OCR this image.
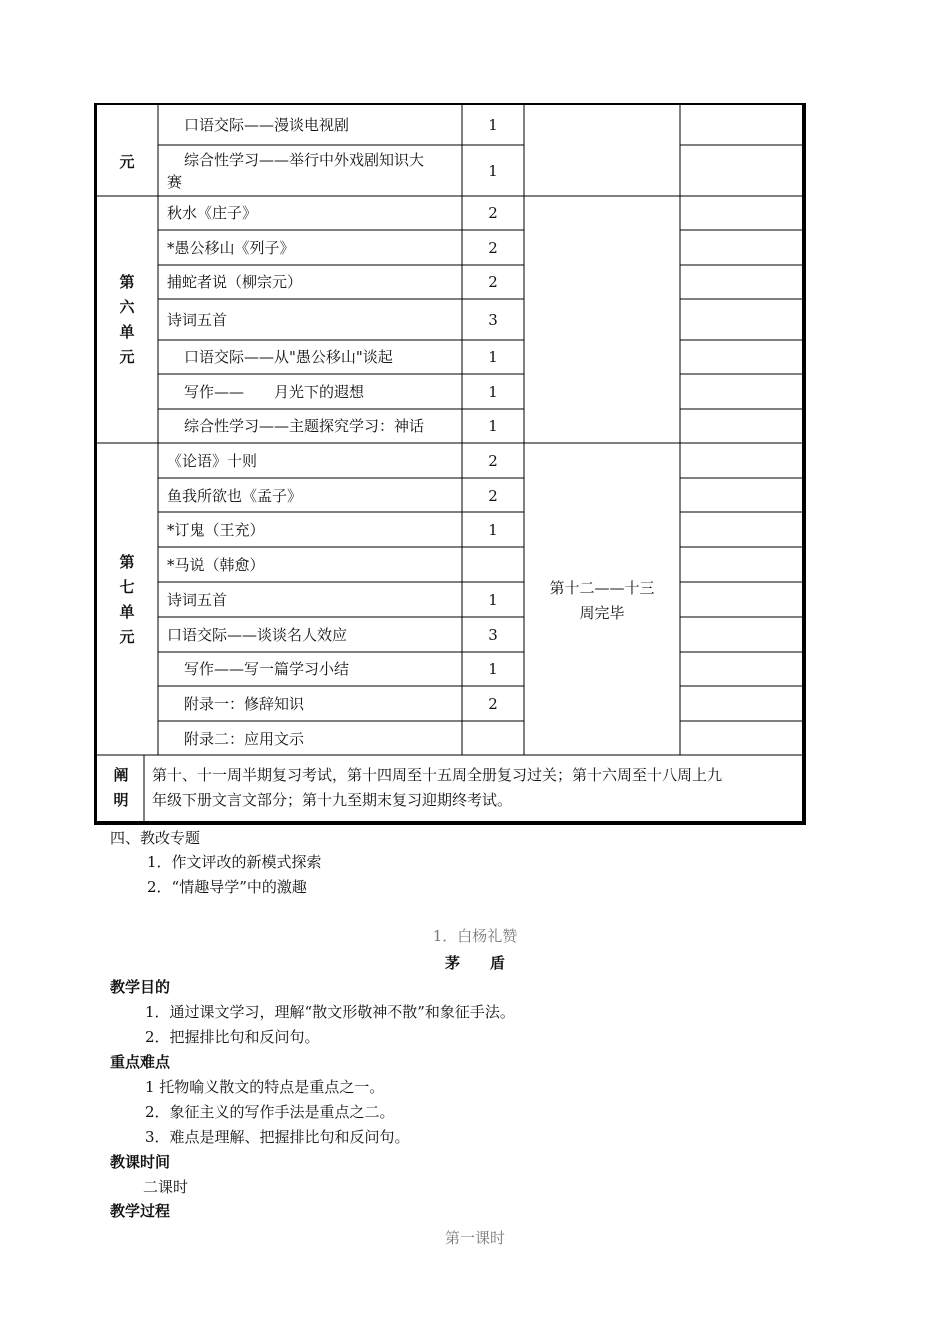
元
第
六
单
元
第
七
单
元
阐
明
口语交际——漫谈电视剧
综合性学习——举行中外戏剧知识大
赛
秋水《庄子》
*愚公移山《列子》
捕蛇者说（柳宗元）
诗词五首
口语交际——从"愚公移山"谈起
写作——　　月光下的遐想
综合性学习——主题探究学习：神话
《论语》十则
鱼我所欲也《孟子》
*订鬼（王充）
*马说（韩愈）
诗词五首
口语交际——谈谈名人效应
写作——写一篇学习小结
附录一：修辞知识
附录二：应用文示
1
1
2
2
2
3
1
1
1
2
2
1
1
3
1
2
第十二——十三
周完毕
第十、十一周半期复习考试，第十四周至十五周全册复习过关；第十六周至十八周上九
年级下册文言文部分；第十九至期末复习迎期终考试。
四、教改专题
1．作文评改的新模式探索
2．“情趣导学”中的激趣
1．白杨礼赞
茅　　盾
教学目的
1．通过课文学习，理解“散文形敬神不散”和象征手法。
2．把握排比句和反问句。
重点难点
1 托物喻义散文的特点是重点之一。
2．象征主义的写作手法是重点之二。
3．难点是理解、把握排比句和反问句。
教课时间
二课时
教学过程
第一课时
